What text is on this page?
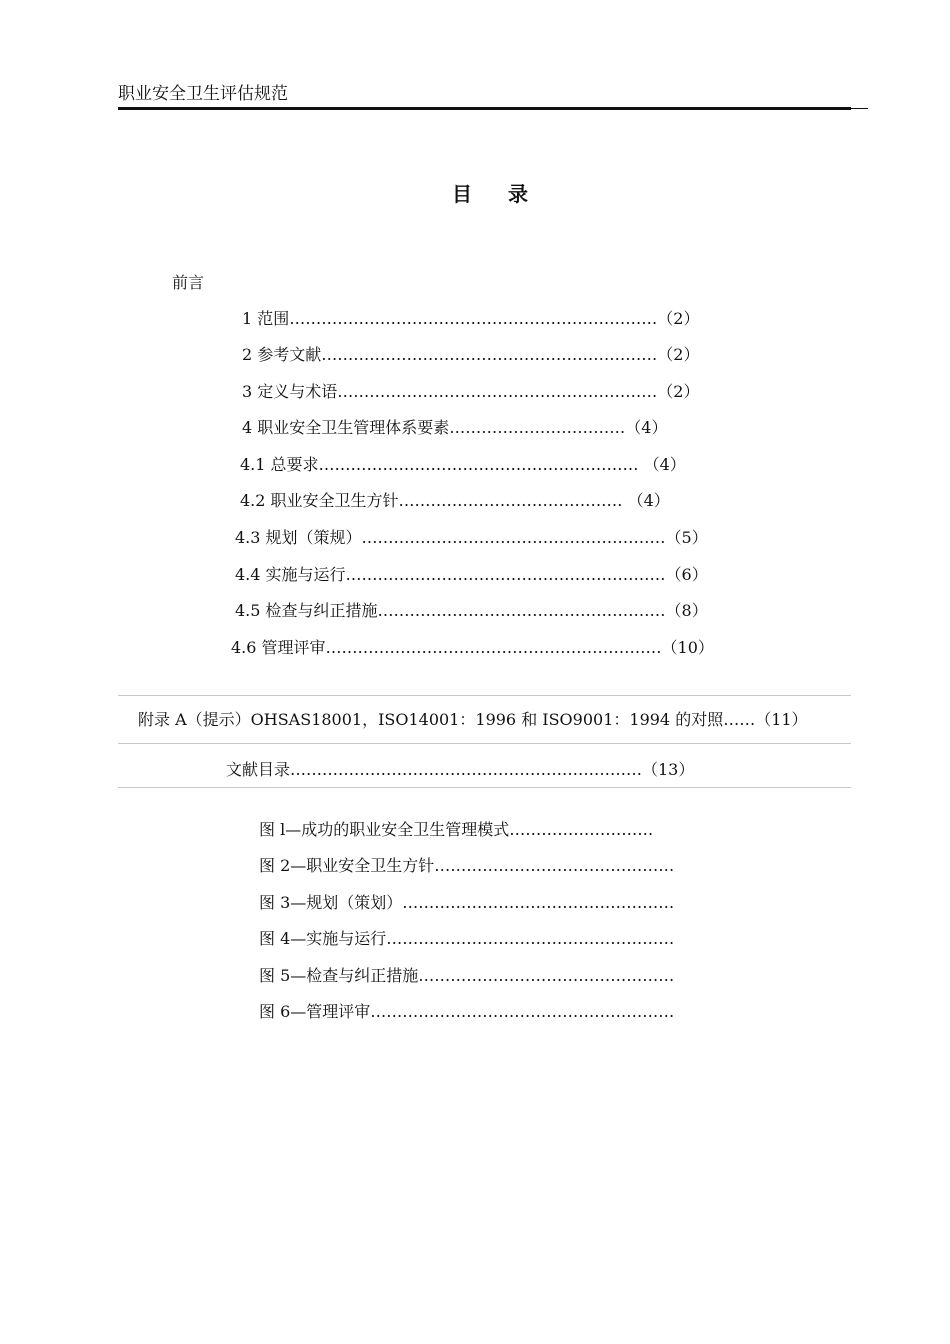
职业安全卫生评估规范
目录
前言
1 范围……………………………………………………………（2）
2 参考文献………………………………………………………（2）
3 定义与术语……………………………………………………（2）
4 职业安全卫生管理体系要素……………………………（4）
4.1 总要求…………………………………………………… （4）
4.2 职业安全卫生方针…………………………………… （4）
4.3 规划（策规）…………………………………………………（5）
4.4 实施与运行……………………………………………………（6）
4.5 检查与纠正措施………………………………………………（8）
4.6 管理评审………………………………………………………（10）
附录 A（提示）OHSAS18001，ISO14001：1996 和 ISO9001：1994 的对照……（11）
文献目录…………………………………………………………（13）
图 l—成功的职业安全卫生管理模式………………………
图 2—职业安全卫生方针………………………………………
图 3—规划（策划）……………………………………………
图 4—实施与运行………………………………………………
图 5—检查与纠正措施…………………………………………
图 6—管理评审…………………………………………………
